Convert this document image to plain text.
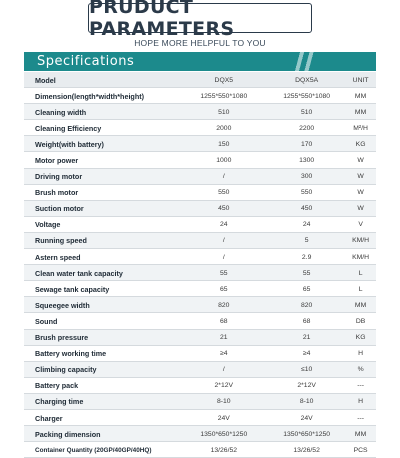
PRUDUCT PARAMETERS
HOPE MORE HELPFUL TO YOU
Specifications
Model	DQX5	DQX5A	UNIT
Dimension(length*width*height)	1255*550*1080	1255*550*1080	MM
Cleaning width	510	510	MM
Cleaning Efficiency	2000	2200	M²/H
Weight(with battery)	150	170	KG
Motor power	1000	1300	W
Driving motor	/	300	W
Brush motor	550	550	W
Suction motor	450	450	W
Voltage	24	24	V
Running speed	/	5	KM/H
Astern speed	/	2.9	KM/H
Clean water tank capacity	55	55	L
Sewage tank capacity	65	65	L
Squeegee width	820	820	MM
Sound	68	68	DB
Brush pressure	21	21	KG
Battery working time	≥4	≥4	H
Climbing capacity	/	≤10	%
Battery pack	2*12V	2*12V	---
Charging time	8-10	8-10	H
Charger	24V	24V	---
Packing dimension	1350*650*1250	1350*650*1250	MM
Container Quantity (20GP/40GP/40HQ)	13/26/52	13/26/52	PCS
